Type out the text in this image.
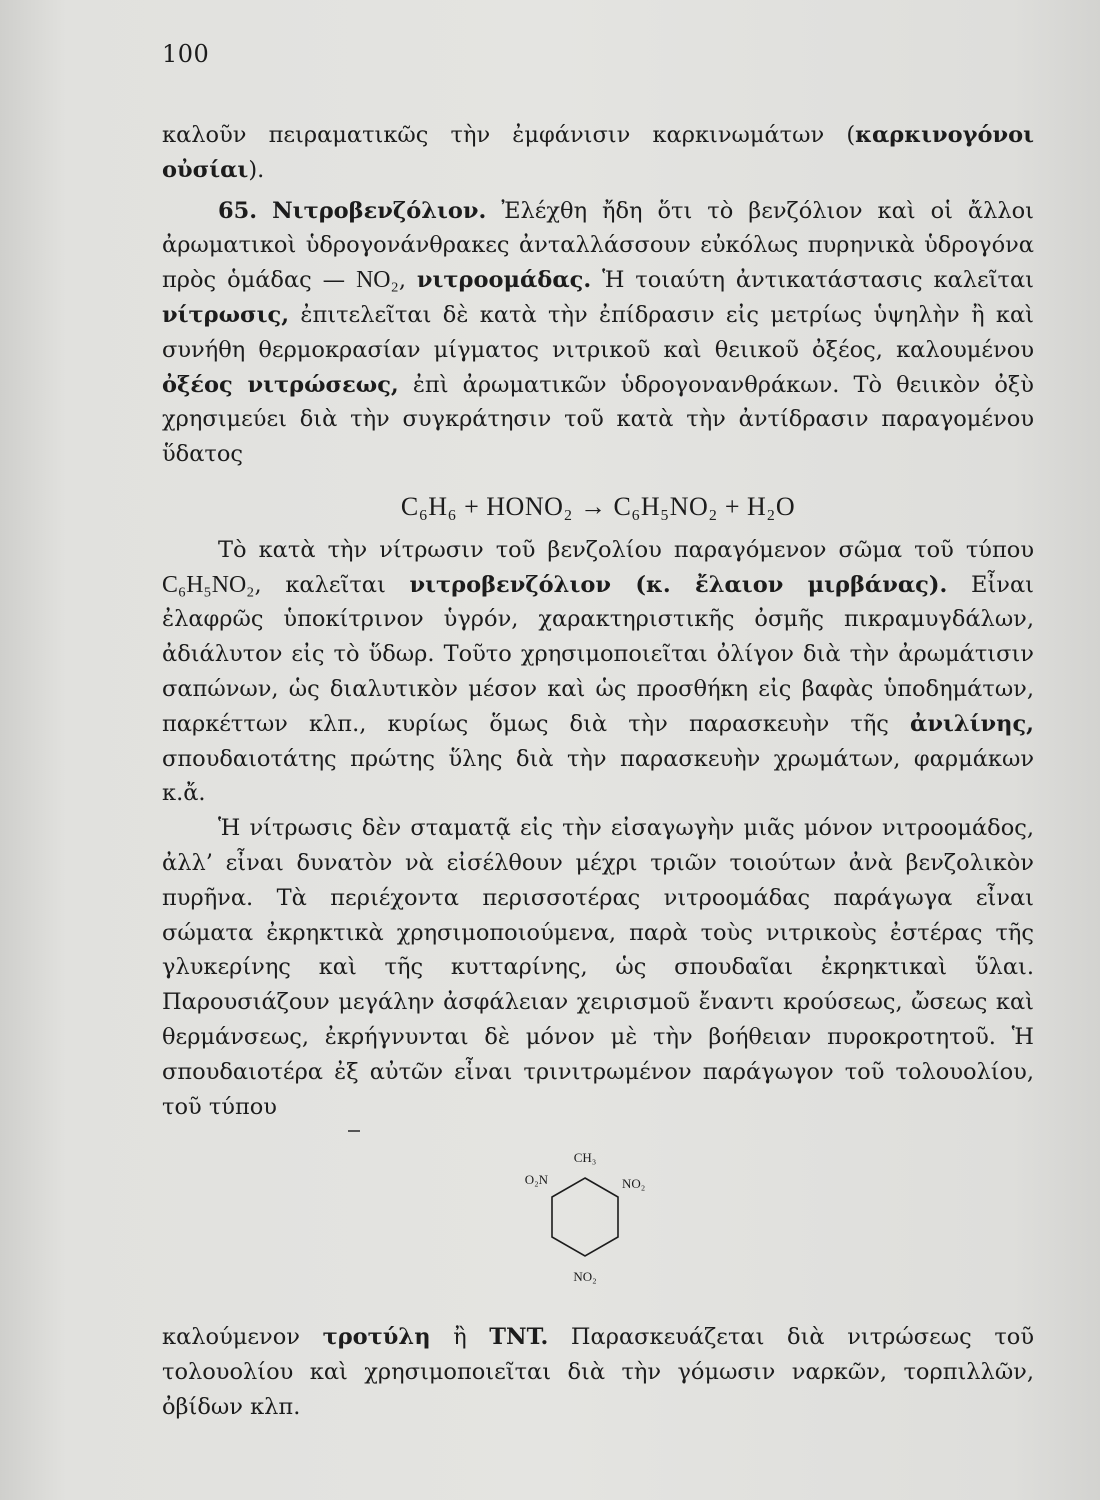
100

καλοῦν πειραματικῶς τὴν ἐμφάνισιν καρκινωμάτων (καρκινογόνοι οὐσίαι).

65. Νιτροβενζόλιον. Ἐλέχθη ἤδη ὅτι τὸ βενζόλιον καὶ οἱ ἄλλοι ἀρωματικοὶ ὑδρογονάνθρακες ἀνταλλάσσουν εὐκόλως πυρηνικὰ ὑδρογόνα πρὸς ὁμάδας — NO₂, νιτροομάδας. Ἡ τοιαύτη ἀντικατάστασις καλεῖται νίτρωσις, ἐπιτελεῖται δὲ κατὰ τὴν ἐπίδρασιν εἰς μετρίως ὑψηλὴν ἢ καὶ συνήθη θερμοκρασίαν μίγματος νιτρικοῦ καὶ θειικοῦ ὀξέος, καλουμένου ὀξέος νιτρώσεως, ἐπὶ ἀρωματικῶν ὑδρογονανθράκων. Τὸ θειικὸν ὀξὺ χρησιμεύει διὰ τὴν συγκράτησιν τοῦ κατὰ τὴν ἀντίδρασιν παραγομένου ὕδατος

C₆H₆ + HONO₂ → C₆H₅NO₂ + H₂O

Τὸ κατὰ τὴν νίτρωσιν τοῦ βενζολίου παραγόμενον σῶμα τοῦ τύπου C₆H₅NO₂, καλεῖται νιτροβενζόλιον (κ. ἔλαιον μιρβάνας). Εἶναι ἐλαφρῶς ὑποκίτρινον ὑγρόν, χαρακτηριστικῆς ὀσμῆς πικραμυγδάλων, ἀδιάλυτον εἰς τὸ ὕδωρ. Τοῦτο χρησιμοποιεῖται ὀλίγον διὰ τὴν ἀρωμάτισιν σαπώνων, ὡς διαλυτικὸν μέσον καὶ ὡς προσθήκη εἰς βαφὰς ὑποδημάτων, παρκέττων κλπ., κυρίως ὅμως διὰ τὴν παρασκευὴν τῆς ἀνιλίνης, σπουδαιοτάτης πρώτης ὕλης διὰ τὴν παρασκευὴν χρωμάτων, φαρμάκων κ.ἄ.

Ἡ νίτρωσις δὲν σταματᾷ εἰς τὴν εἰσαγωγὴν μιᾶς μόνον νιτροομάδος, ἀλλ’ εἶναι δυνατὸν νὰ εἰσέλθουν μέχρι τριῶν τοιούτων ἀνὰ βενζολικὸν πυρῆνα. Τὰ περιέχοντα περισσοτέρας νιτροομάδας παράγωγα εἶναι σώματα ἐκρηκτικὰ χρησιμοποιούμενα, παρὰ τοὺς νιτρικοὺς ἐστέρας τῆς γλυκερίνης καὶ τῆς κυτταρίνης, ὡς σπουδαῖαι ἐκρηκτικαὶ ὕλαι. Παρουσιάζουν μεγάλην ἀσφάλειαν χειρισμοῦ ἔναντι κρούσεως, ὤσεως καὶ θερμάνσεως, ἐκρήγνυνται δὲ μόνον μὲ τὴν βοήθειαν πυροκροτητοῦ. Ἡ σπουδαιοτέρα ἐξ αὐτῶν εἶναι τρινιτρωμένον παράγωγον τοῦ τολουολίου, τοῦ τύπου

CH₃
O₂N	NO₂
NO₂

καλούμενον τροτύλη ἢ TNT. Παρασκευάζεται διὰ νιτρώσεως τοῦ τολουολίου καὶ χρησιμοποιεῖται διὰ τὴν γόμωσιν ναρκῶν, τορπιλλῶν, ὀβίδων κλπ.
